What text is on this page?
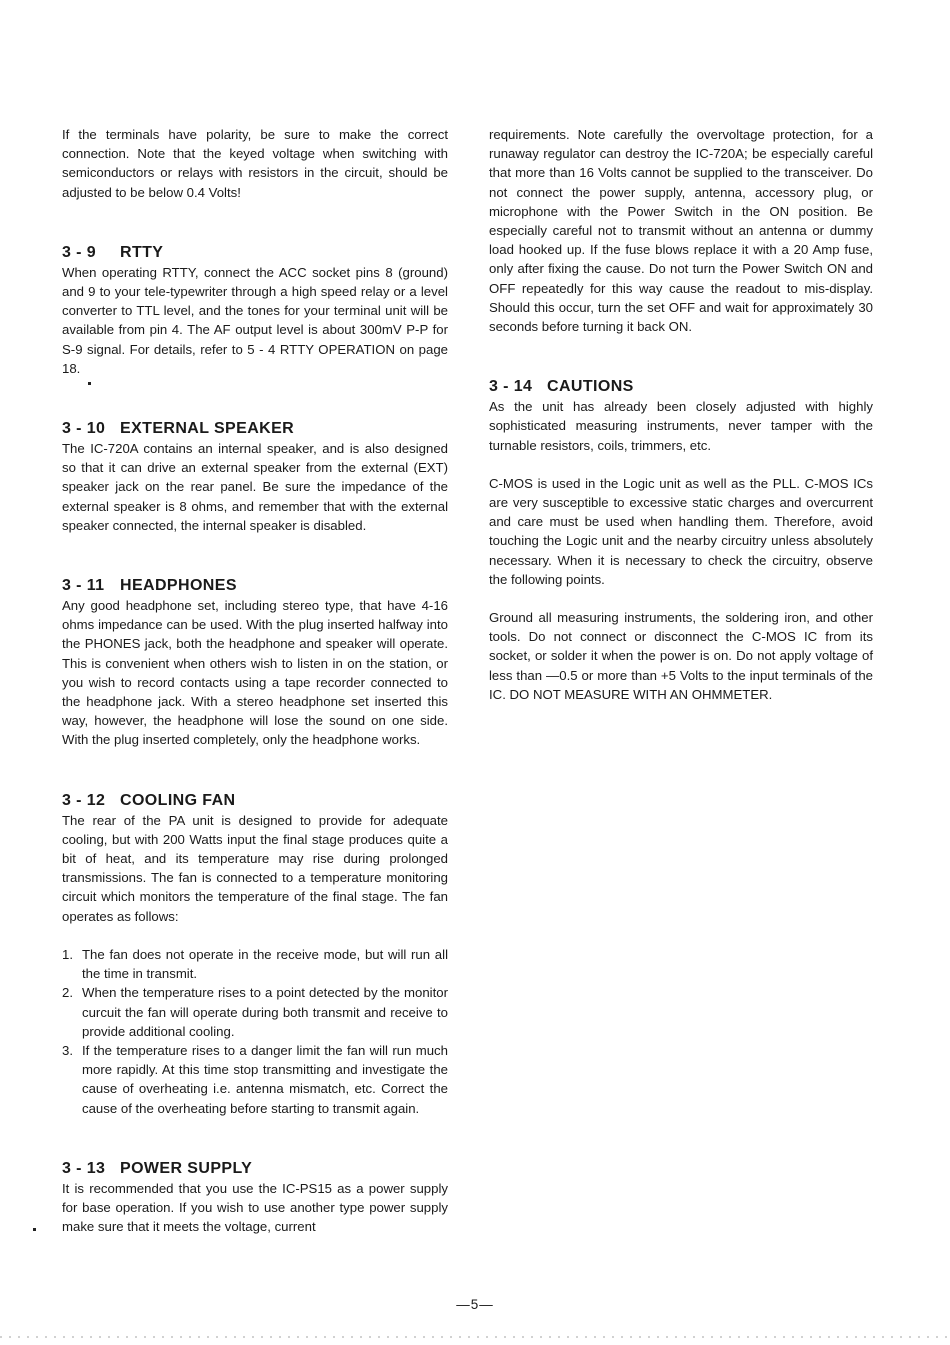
If the terminals have polarity, be sure to make the correct connection. Note that the keyed voltage when switching with semiconductors or relays with resistors in the circuit, should be adjusted to be below 0.4 Volts!

3 - 9 RTTY

When operating RTTY, connect the ACC socket pins 8 (ground) and 9 to your tele-typewriter through a high speed relay or a level converter to TTL level, and the tones for your terminal unit will be available from pin 4. The AF output level is about 300mV P-P for S-9 signal. For details, refer to 5 - 4 RTTY OPERATION on page 18.

3 - 10 EXTERNAL SPEAKER

The IC-720A contains an internal speaker, and is also designed so that it can drive an external speaker from the external (EXT) speaker jack on the rear panel. Be sure the impedance of the external speaker is 8 ohms, and remember that with the external speaker connected, the internal speaker is disabled.

3 - 11 HEADPHONES

Any good headphone set, including stereo type, that have 4-16 ohms impedance can be used. With the plug inserted halfway into the PHONES jack, both the headphone and speaker will operate. This is convenient when others wish to listen in on the station, or you wish to record contacts using a tape recorder connected to the headphone jack. With a stereo headphone set inserted this way, however, the headphone will lose the sound on one side. With the plug inserted completely, only the headphone works.

3 - 12 COOLING FAN

The rear of the PA unit is designed to provide for adequate cooling, but with 200 Watts input the final stage produces quite a bit of heat, and its temperature may rise during prolonged transmissions. The fan is connected to a temperature monitoring circuit which monitors the temperature of the final stage. The fan operates as follows:

1. The fan does not operate in the receive mode, but will run all the time in transmit.
2. When the temperature rises to a point detected by the monitor curcuit the fan will operate during both transmit and receive to provide additional cooling.
3. If the temperature rises to a danger limit the fan will run much more rapidly. At this time stop transmitting and investigate the cause of overheating i.e. antenna mismatch, etc. Correct the cause of the overheating before starting to transmit again.
3 - 13 POWER SUPPLY

It is recommended that you use the IC-PS15 as a power supply for base operation. If you wish to use another type power supply make sure that it meets the voltage, current

requirements. Note carefully the overvoltage protection, for a runaway regulator can destroy the IC-720A; be especially careful that more than 16 Volts cannot be supplied to the transceiver. Do not connect the power supply, antenna, accessory plug, or microphone with the Power Switch in the ON position. Be especially careful not to transmit without an antenna or dummy load hooked up. If the fuse blows replace it with a 20 Amp fuse, only after fixing the cause. Do not turn the Power Switch ON and OFF repeatedly for this way cause the readout to mis-display. Should this occur, turn the set OFF and wait for approximately 30 seconds before turning it back ON.

3 - 14 CAUTIONS

As the unit has already been closely adjusted with highly sophisticated measuring instruments, never tamper with the turnable resistors, coils, trimmers, etc.

C-MOS is used in the Logic unit as well as the PLL. C-MOS ICs are very susceptible to excessive static charges and overcurrent and care must be used when handling them. Therefore, avoid touching the Logic unit and the nearby circuitry unless absolutely necessary. When it is necessary to check the circuitry, observe the following points.

Ground all measuring instruments, the soldering iron, and other tools. Do not connect or disconnect the C-MOS IC from its socket, or solder it when the power is on. Do not apply voltage of less than —0.5 or more than +5 Volts to the input terminals of the IC. DO NOT MEASURE WITH AN OHMMETER.

—5—
